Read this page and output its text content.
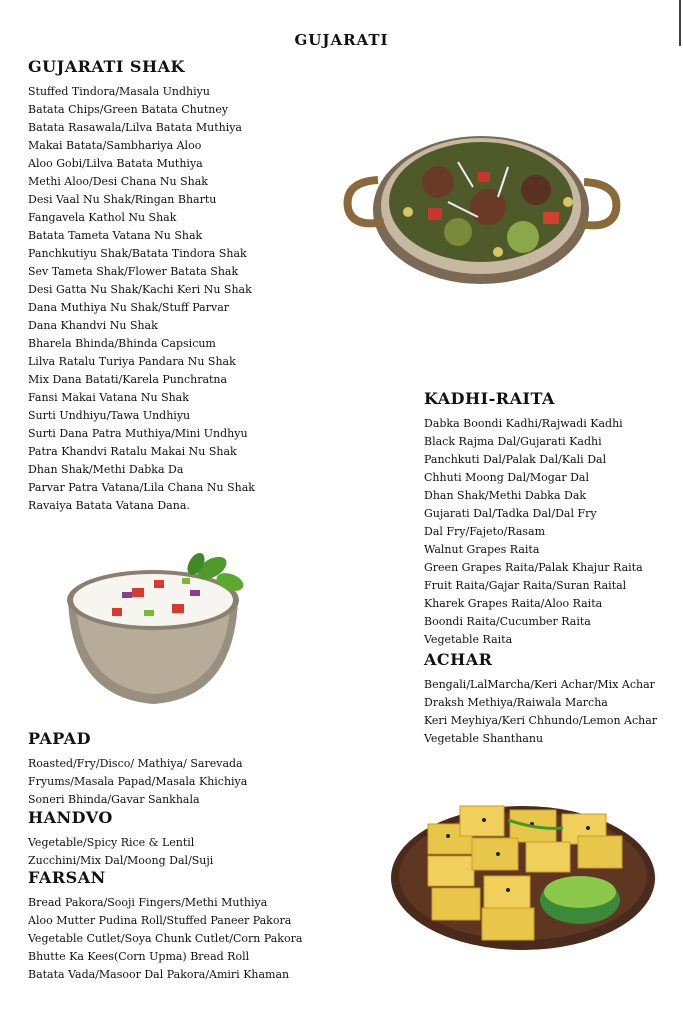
GUJARATI
GUJARATI SHAK
Stuffed Tindora/Masala Undhiyu
Batata Chips/Green Batata Chutney
Batata Rasawala/Lilva Batata Muthiya
Makai Batata/Sambhariya Aloo
Aloo Gobi/Lilva Batata Muthiya
Methi Aloo/Desi Chana Nu Shak
Desi Vaal Nu Shak/Ringan Bhartu
Fangavela Kathol Nu Shak
Batata Tameta Vatana Nu Shak
Panchkutiyu Shak/Batata Tindora Shak
Sev Tameta Shak/Flower Batata Shak
Desi Gatta Nu Shak/Kachi Keri Nu Shak
Dana Muthiya Nu Shak/Stuff Parvar
Dana Khandvi Nu Shak
Bharela Bhinda/Bhinda Capsicum
Lilva Ratalu Turiya Pandara Nu Shak
Mix Dana Batati/Karela Punchratna
Fansi Makai Vatana Nu Shak
Surti Undhiyu/Tawa Undhiyu
Surti Dana Patra Muthiya/Mini Undhyu
Patra Khandvi Ratalu Makai Nu Shak
Dhan Shak/Methi Dabka Da
Parvar Patra Vatana/Lila Chana Nu Shak
Ravaiya Batata Vatana Dana.
KADHI-RAITA
Dabka Boondi Kadhi/Rajwadi Kadhi
Black Rajma Dal/Gujarati Kadhi
Panchkuti Dal/Palak Dal/Kali Dal
Chhuti Moong Dal/Mogar Dal
Dhan Shak/Methi Dabka Dak
Gujarati Dal/Tadka Dal/Dal Fry
Dal Fry/Fajeto/Rasam
Walnut Grapes Raita
Green Grapes Raita/Palak Khajur Raita
Fruit Raita/Gajar Raita/Suran Raital
Kharek Grapes Raita/Aloo Raita
Boondi Raita/Cucumber Raita
Vegetable Raita
ACHAR
Bengali/LalMarcha/Keri Achar/Mix Achar
Draksh Methiya/Raiwala Marcha
Keri Meyhiya/Keri Chhundo/Lemon Achar
Vegetable Shanthanu
PAPAD
Roasted/Fry/Disco/ Mathiya/ Sarevada
Fryums/Masala Papad/Masala Khichiya
Soneri Bhinda/Gavar Sankhala
HANDVO
Vegetable/Spicy Rice & Lentil
Zucchini/Mix Dal/Moong Dal/Suji
FARSAN
Bread Pakora/Sooji Fingers/Methi Muthiya
Aloo Mutter Pudina Roll/Stuffed Paneer Pakora
Vegetable Cutlet/Soya Chunk Cutlet/Corn Pakora
Bhutte Ka Kees(Corn Upma) Bread Roll
Batata Vada/Masoor Dal Pakora/Amiri Khaman
